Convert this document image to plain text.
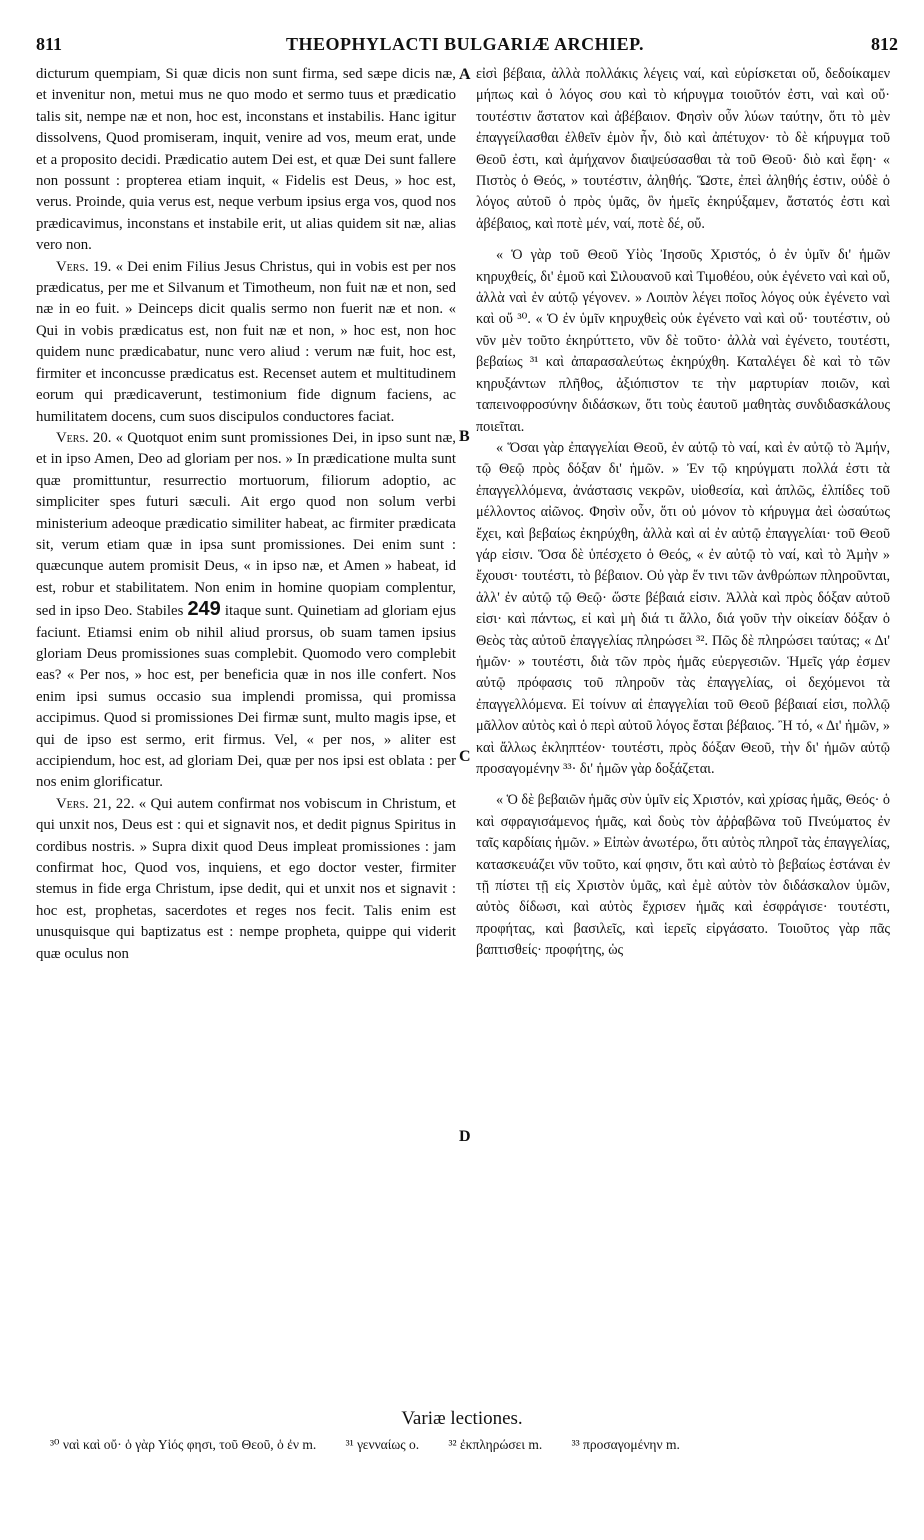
811	THEOPHYLACTI BULGARIÆ ARCHIEP.	812

dicturum quempiam, Si quæ dicis non sunt firma, sed sæpe dicis næ, et invenitur non, metui mus ne quo modo et sermo tuus et prædicatio talis sit, nempe næ et non, hoc est, inconstans et instabilis. Hanc igitur dissolvens, Quod promiseram, inquit, venire ad vos, meum erat, unde et a proposito decidi. Prædicatio autem Dei est, et quæ Dei sunt fallere non possunt : propterea etiam inquit, « Fidelis est Deus, » hoc est, verus. Proinde, quia verus est, neque verbum ipsius erga vos, quod nos prædicavimus, inconstans et instabile erit, ut alias quidem sit næ, alias vero non.

Vers. 19. « Dei enim Filius Jesus Christus, qui in vobis est per nos prædicatus, per me et Silvanum et Timotheum, non fuit næ et non, sed næ in eo fuit. » Deinceps dicit qualis sermo non fuerit næ et non. « Qui in vobis prædicatus est, non fuit næ et non, » hoc est, non hoc quidem nunc prædicabatur, nunc vero aliud : verum næ fuit, hoc est, firmiter et inconcusse prædicatus est. Recenset autem et multitudinem eorum qui prædicaverunt, testimonium fide dignum faciens, ac humilitatem docens, cum suos discipulos conductores faciat.

Vers. 20. « Quotquot enim sunt promissiones Dei, in ipso sunt næ, et in ipso Amen, Deo ad gloriam per nos. » In prædicatione multa sunt quæ promittuntur, resurrectio mortuorum, filiorum adoptio, ac simpliciter spes futuri sæculi. Ait ergo quod non solum verbi ministerium adeoque prædicatio similiter habeat, ac firmiter prædicata sit, verum etiam quæ in ipsa sunt promissiones. Dei enim sunt : quæcunque autem promisit Deus, « in ipso næ, et Amen » habeat, id est, robur et stabilitatem. Non enim in homine quopiam complentur, sed in ipso Deo. Stabiles 249 itaque sunt. Quinetiam ad gloriam ejus faciunt. Etiamsi enim ob nihil aliud prorsus, ob suam tamen ipsius gloriam Deus promissiones suas complebit. Quomodo vero complebit eas? « Per nos, » hoc est, per beneficia quæ in nos ille confert. Nos enim ipsi sumus occasio sua implendi promissa, qui promissa accipimus. Quod si promissiones Dei firmæ sunt, multo magis ipse, et qui de ipso est sermo, erit firmus. Vel, « per nos, » aliter est accipiendum, hoc est, ad gloriam Dei, quæ per nos ipsi est oblata : per nos enim glorificatur.

Vers. 21, 22. « Qui autem confirmat nos vobiscum in Christum, et qui unxit nos, Deus est : qui et signavit nos, et dedit pignus Spiritus in cordibus nostris. » Supra dixit quod Deus impleat promissiones : jam confirmat hoc, Quod vos, inquiens, et ego doctor vester, firmiter stemus in fide erga Christum, ipse dedit, qui et unxit nos et signavit : hoc est, prophetas, sacerdotes et reges nos fecit. Talis enim est unusquisque qui baptizatus est : nempe propheta, quippe qui viderit quæ oculus non

εἰσὶ βέβαια, ἀλλὰ πολλάκις λέγεις ναί, καὶ εὑρίσκεται οὔ, δεδοίκαμεν μήπως καὶ ὁ λόγος σου καὶ τὸ κήρυγμα τοιοῦτόν ἐστι, ναὶ καὶ οὔ· τουτέστιν ἄστατον καὶ ἀβέβαιον. Φησὶν οὖν λύων ταύτην, ὅτι τὸ μὲν ἐπαγγείλασθαι ἐλθεῖν ἐμὸν ἦν, διὸ καὶ ἀπέτυχον· τὸ δὲ κήρυγμα τοῦ Θεοῦ ἐστι, καὶ ἀμήχανον διαψεύσασθαι τὰ τοῦ Θεοῦ· διὸ καὶ ἔφη· « Πιστὸς ὁ Θεός, » τουτέστιν, ἀληθής. Ὥστε, ἐπεὶ ἀληθής ἐστιν, οὐδὲ ὁ λόγος αὐτοῦ ὁ πρὸς ὑμᾶς, ὃν ἡμεῖς ἐκηρύξαμεν, ἄστατός ἐστι καὶ ἀβέβαιος, καὶ ποτὲ μέν, ναί, ποτὲ δέ, οὔ.

« Ὁ γὰρ τοῦ Θεοῦ Υἱὸς Ἰησοῦς Χριστός, ὁ ἐν ὑμῖν δι' ἡμῶν κηρυχθείς, δι' ἐμοῦ καὶ Σιλουανοῦ καὶ Τιμοθέου, οὐκ ἐγένετο ναὶ καὶ οὔ, ἀλλὰ ναὶ ἐν αὐτῷ γέγονεν. » Λοιπὸν λέγει ποῖος λόγος οὐκ ἐγένετο ναὶ καὶ οὔ ³⁰. « Ὁ ἐν ὑμῖν κηρυχθεὶς οὐκ ἐγένετο ναὶ καὶ οὔ· τουτέστιν, οὐ νῦν μὲν τοῦτο ἐκηρύττετο, νῦν δὲ τοῦτο· ἀλλὰ ναὶ ἐγένετο, τουτέστι, βεβαίως ³¹ καὶ ἀπαρασαλεύτως ἐκηρύχθη. Καταλέγει δὲ καὶ τὸ τῶν κηρυξάντων πλῆθος, ἀξιόπιστον τε τὴν μαρτυρίαν ποιῶν, καὶ ταπεινοφροσύνην διδάσκων, ὅτι τοὺς ἑαυτοῦ μαθητὰς συνδιδασκάλους ποιεῖται.

« Ὅσαι γὰρ ἐπαγγελίαι Θεοῦ, ἐν αὐτῷ τὸ ναί, καὶ ἐν αὐτῷ τὸ Ἀμήν, τῷ Θεῷ πρὸς δόξαν δι' ἡμῶν. » Ἐν τῷ κηρύγματι πολλά ἐστι τὰ ἐπαγγελλόμενα, ἀνάστασις νεκρῶν, υἱοθεσία, καὶ ἁπλῶς, ἐλπίδες τοῦ μέλλοντος αἰῶνος. Φησὶν οὖν, ὅτι οὐ μόνον τὸ κήρυγμα ἀεὶ ὡσαύτως ἔχει, καὶ βεβαίως ἐκηρύχθη, ἀλλὰ καὶ αἱ ἐν αὐτῷ ἐπαγγελίαι· τοῦ Θεοῦ γάρ εἰσιν. Ὅσα δὲ ὑπέσχετο ὁ Θεός, « ἐν αὐτῷ τὸ ναί, καὶ τὸ Ἀμὴν » ἔχουσι· τουτέστι, τὸ βέβαιον. Οὐ γὰρ ἔν τινι τῶν ἀνθρώπων πληροῦνται, ἀλλ' ἐν αὐτῷ τῷ Θεῷ· ὥστε βέβαιά εἰσιν. Ἀλλὰ καὶ πρὸς δόξαν αὐτοῦ εἰσι· καὶ πάντως, εἰ καὶ μὴ διά τι ἄλλο, διά γοῦν τὴν οἰκείαν δόξαν ὁ Θεὸς τὰς αὐτοῦ ἐπαγγελίας πληρώσει ³². Πῶς δὲ πληρώσει ταύτας; « Δι' ἡμῶν· » τουτέστι, διὰ τῶν πρὸς ἡμᾶς εὐεργεσιῶν. Ἡμεῖς γάρ ἐσμεν αὐτῷ πρόφασις τοῦ πληροῦν τὰς ἐπαγγελίας, οἱ δεχόμενοι τὰ ἐπαγγελλόμενα. Εἰ τοίνυν αἱ ἐπαγγελίαι τοῦ Θεοῦ βέβαιαί εἰσι, πολλῷ μᾶλλον αὐτὸς καὶ ὁ περὶ αὐτοῦ λόγος ἔσται βέβαιος. Ἢ τό, « Δι' ἡμῶν, » καὶ ἄλλως ἐκληπτέον· τουτέστι, πρὸς δόξαν Θεοῦ, τὴν δι' ἡμῶν αὐτῷ προσαγομένην ³³· δι' ἡμῶν γὰρ δοξάζεται.

« Ὁ δὲ βεβαιῶν ἡμᾶς σὺν ὑμῖν εἰς Χριστόν, καὶ χρίσας ἡμᾶς, Θεός· ὁ καὶ σφραγισάμενος ἡμᾶς, καὶ δοὺς τὸν ἀῤῥαβῶνα τοῦ Πνεύματος ἐν ταῖς καρδίαις ἡμῶν. » Εἰπὼν ἀνωτέρω, ὅτι αὐτὸς πληροῖ τὰς ἐπαγγελίας, κατασκευάζει νῦν τοῦτο, καί φησιν, ὅτι καὶ αὐτὸ τὸ βεβαίως ἑστάναι ἐν τῇ πίστει τῇ εἰς Χριστὸν ὑμᾶς, καὶ ἐμὲ αὐτὸν τὸν διδάσκαλον ὑμῶν, αὐτὸς δίδωσι, καὶ αὐτὸς ἔχρισεν ἡμᾶς καὶ ἐσφράγισε· τουτέστι, προφήτας, καὶ βασιλεῖς, καὶ ἱερεῖς εἰργάσατο. Τοιοῦτος γὰρ πᾶς βαπτισθείς· προφήτης, ὡς

A
B
C
D
Variæ lectiones.
³⁰ ναὶ καὶ οὔ· ὁ γὰρ Υἱός φησι, τοῦ Θεοῦ, ὁ ἐν m. ³¹ γενναίως o. ³² ἐκπληρώσει m. ³³ προσαγομένην m.
